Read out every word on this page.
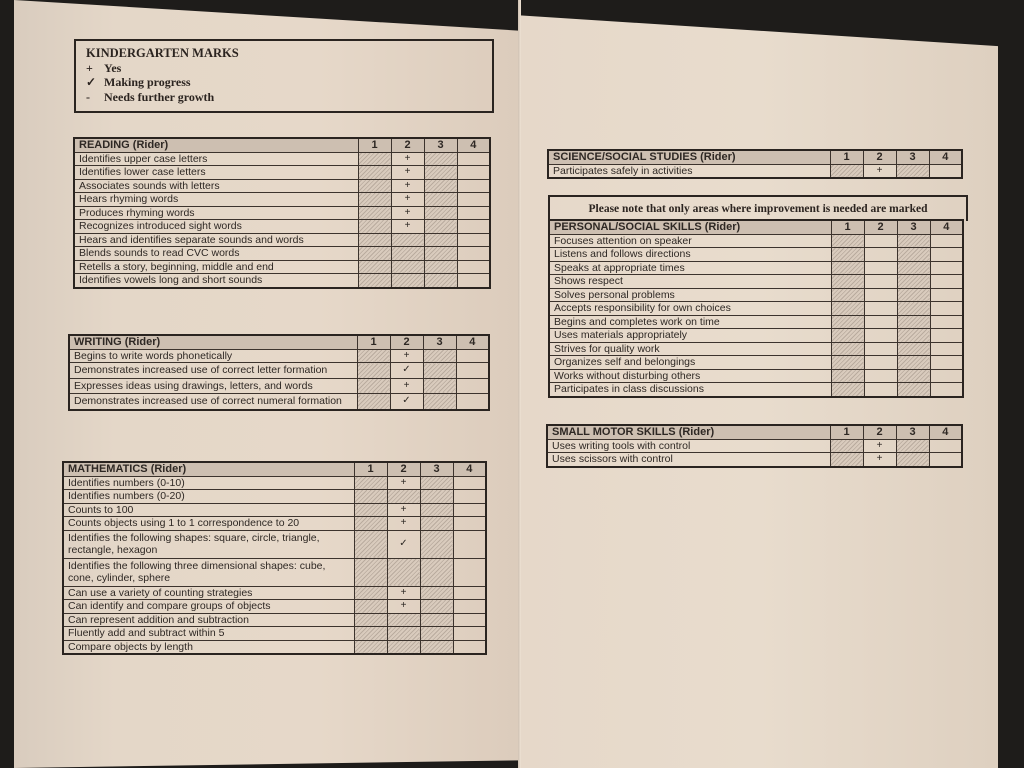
KINDERGARTEN MARKS
+ Yes
✓ Making progress
-	Needs further growth
READING (Rider)	1	2	3	4
Identifies upper case letters		+		
Identifies lower case letters		+		
Associates sounds with letters		+		
Hears rhyming words		+		
Produces rhyming words		+		
Recognizes introduced sight words		+		
Hears and identifies separate sounds and words				
Blends sounds to read CVC words				
Retells a story, beginning, middle and end				
Identifies vowels long and short sounds				
WRITING (Rider)	1	2	3	4
Begins to write words phonetically		+		
Demonstrates increased use of correct letter formation		✓		
Expresses ideas using drawings, letters, and words		+		
Demonstrates increased use of correct numeral formation		✓		
MATHEMATICS (Rider)	1	2	3	4
Identifies numbers (0-10)		+		
Identifies numbers (0-20)				
Counts to 100		+		
Counts objects using 1 to 1 correspondence to 20		+		
Identifies the following shapes: square, circle, triangle, rectangle, hexagon		✓		
Identifies the following three dimensional shapes: cube, cone, cylinder, sphere				
Can use a variety of counting strategies		+		
Can identify and compare groups of objects		+		
Can represent addition and subtraction				
Fluently add and subtract within 5				
Compare objects by length				
SCIENCE/SOCIAL STUDIES (Rider)	1	2	3	4
Participates safely in activities		+		
Please note that only areas where improvement is needed are marked
PERSONAL/SOCIAL SKILLS (Rider)	1	2	3	4
Focuses attention on speaker				
Listens and follows directions				
Speaks at appropriate times				
Shows respect				
Solves personal problems				
Accepts responsibility for own choices				
Begins and completes work on time				
Uses materials appropriately				
Strives for quality work				
Organizes self and belongings				
Works without disturbing others				
Participates in class discussions				
SMALL MOTOR SKILLS (Rider)	1	2	3	4
Uses writing tools with control		+		
Uses scissors with control		+		
